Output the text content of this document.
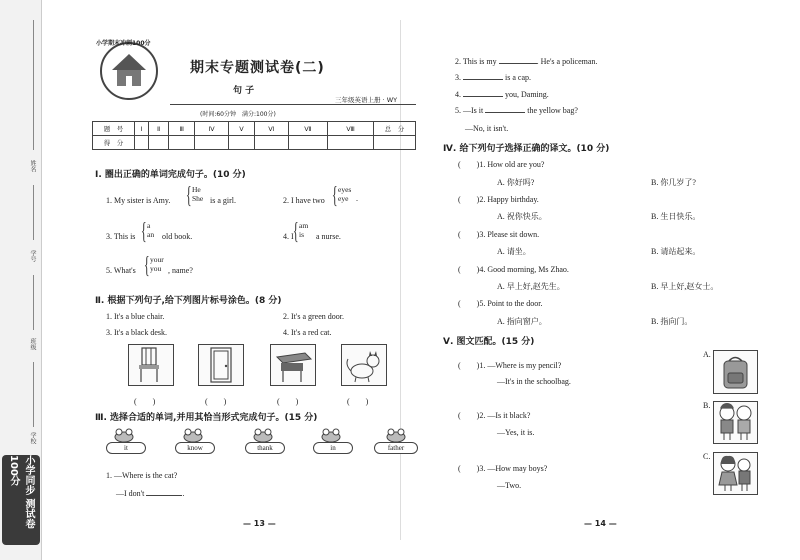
姓名
学号
班级
学校
小学同步 测试卷100分
小学期末冲刺100分
期末专题测试卷(二)
句 子
三年级英语上册 · WY
(时间:60分钟　满分:100分)
题　号	Ⅰ	Ⅱ	Ⅲ	Ⅳ	Ⅴ	Ⅵ	Ⅶ	Ⅷ	总　分
得　分									
Ⅰ. 圈出正确的单词完成句子。(10 分)
1. My sister is Amy. { He
She is a girl.	2. I have two { eyes
eye .
3. This is { a
an old book.	4. I { am
is	a nurse.
5. What's { your
you , name?
Ⅱ. 根据下列句子,给下列图片标号涂色。(8 分)
1. It's a blue chair.	2. It's a green door.
3. It's a black desk.	4. It's a red cat.
(　　)	(　　)	(　　)	(　　)
Ⅲ. 选择合适的单词,并用其恰当形式完成句子。(15 分)
it	know	thank	in	father
1. —Where is the cat?
—I don't	.
— 13 —
2. This is my	. He's a policeman.
3.	is a cap.
4.	you, Daming.
5. —Is it	the yellow bag?
—No, it isn't.
Ⅳ. 给下列句子选择正确的译文。(10 分)
(　　)1. How old are you?
A. 你好吗?	B. 你几岁了?
(　　)2. Happy birthday.
A. 祝你快乐。	B. 生日快乐。
(　　)3. Please sit down.
A. 请坐。	B. 请站起来。
(　　)4. Good morning, Ms Zhao.
A. 早上好,赵先生。	B. 早上好,赵女士。
(　　)5. Point to the door.
A. 指向窗户。	B. 指向门。
Ⅴ. 图文匹配。(15 分)
(　　)1. —Where is my pencil?
—It's in the schoolbag.
(　　)2. —Is it black?
—Yes, it is.
(　　)3. —How may boys?
—Two.
A.
B.
C.
— 14 —
